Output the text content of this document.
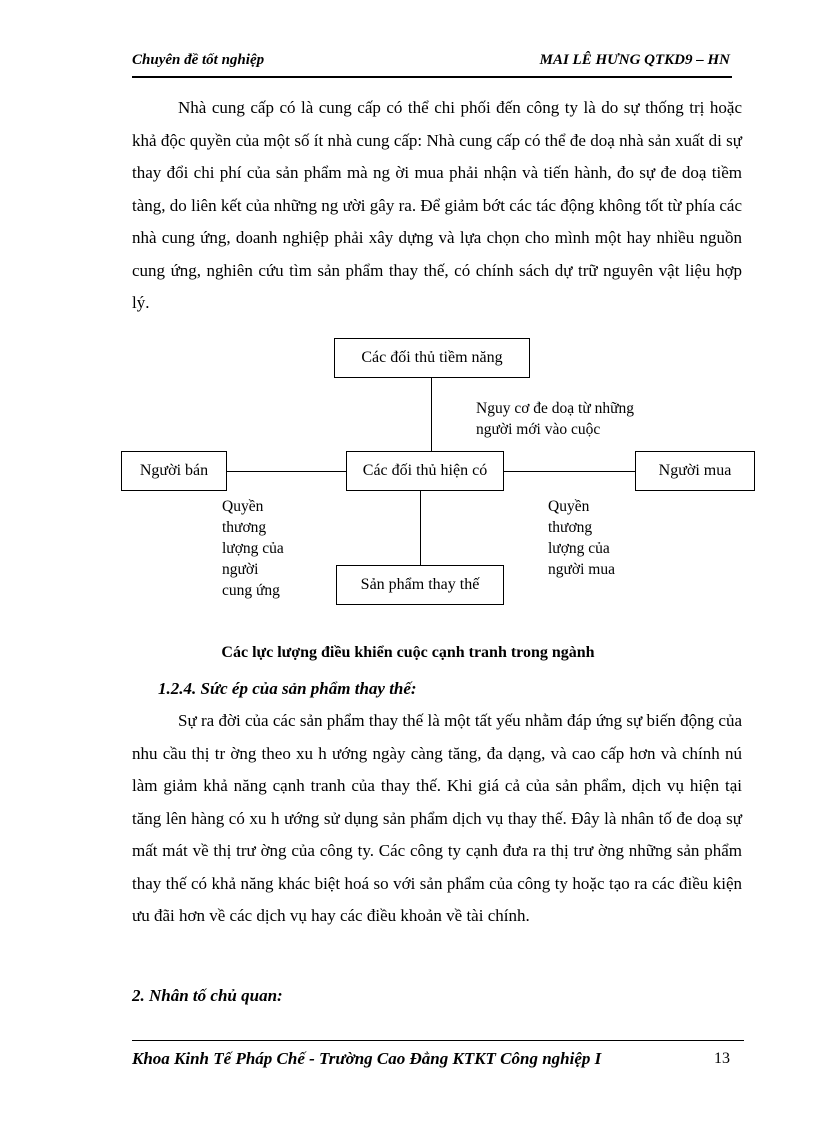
Chuyên đề tốt nghiệp	MAI LÊ HƯNG QTKD9 – HN

Nhà cung cấp có là cung cấp có thể chi phối đến công ty là do sự thống trị hoặc khả độc quyền của một số ít nhà cung cấp: Nhà cung cấp có thể đe doạ nhà sản xuất di sự thay đổi chi phí của sản phẩm mà ng ời mua phải nhận và tiến hành, đo sự đe doạ tiềm tàng, do liên kết của những ng ười gây ra. Để giảm bớt các tác động không tốt từ phía các nhà cung ứng, doanh nghiệp phải xây dựng và lựa chọn cho mình một hay nhiều nguồn cung ứng, nghiên cứu tìm sản phẩm thay thế, có chính sách dự trữ nguyên vật liệu hợp lý.

Các đối thủ tiềm năng
Các đối thủ hiện có
Người bán	Người mua
Sản phẩm thay thế
Nguy cơ đe doạ từ những
người mới vào cuộc
Quyền
thương
lượng của
người
cung ứng
Quyền
thương
lượng của
người mua
Các lực lượng điều khiển cuộc cạnh tranh trong ngành
1.2.4. Sức ép của sản phẩm thay thế:

Sự ra đời của các sản phẩm thay thế là một tất yếu nhằm đáp ứng sự biến động của nhu cầu thị tr ờng theo xu h ướng ngày càng tăng, đa dạng, và cao cấp hơn và chính nú làm giảm khả năng cạnh tranh của thay thế. Khi giá cả của sản phẩm, dịch vụ hiện tại tăng lên hàng có xu h ướng sử dụng sản phẩm dịch vụ thay thế. Đây là nhân tố đe doạ sự mất mát về thị trư ờng của công ty. Các công ty cạnh đưa ra thị trư ờng những sản phẩm thay thế có khả năng khác biệt hoá so với sản phẩm của công ty hoặc tạo ra các điều kiện ưu đãi hơn về các dịch vụ hay các điều khoản về tài chính.

2. Nhân tố chủ quan:
Khoa Kinh Tế Pháp Chế - Trường Cao Đẳng KTKT Công nghiệp I	13
